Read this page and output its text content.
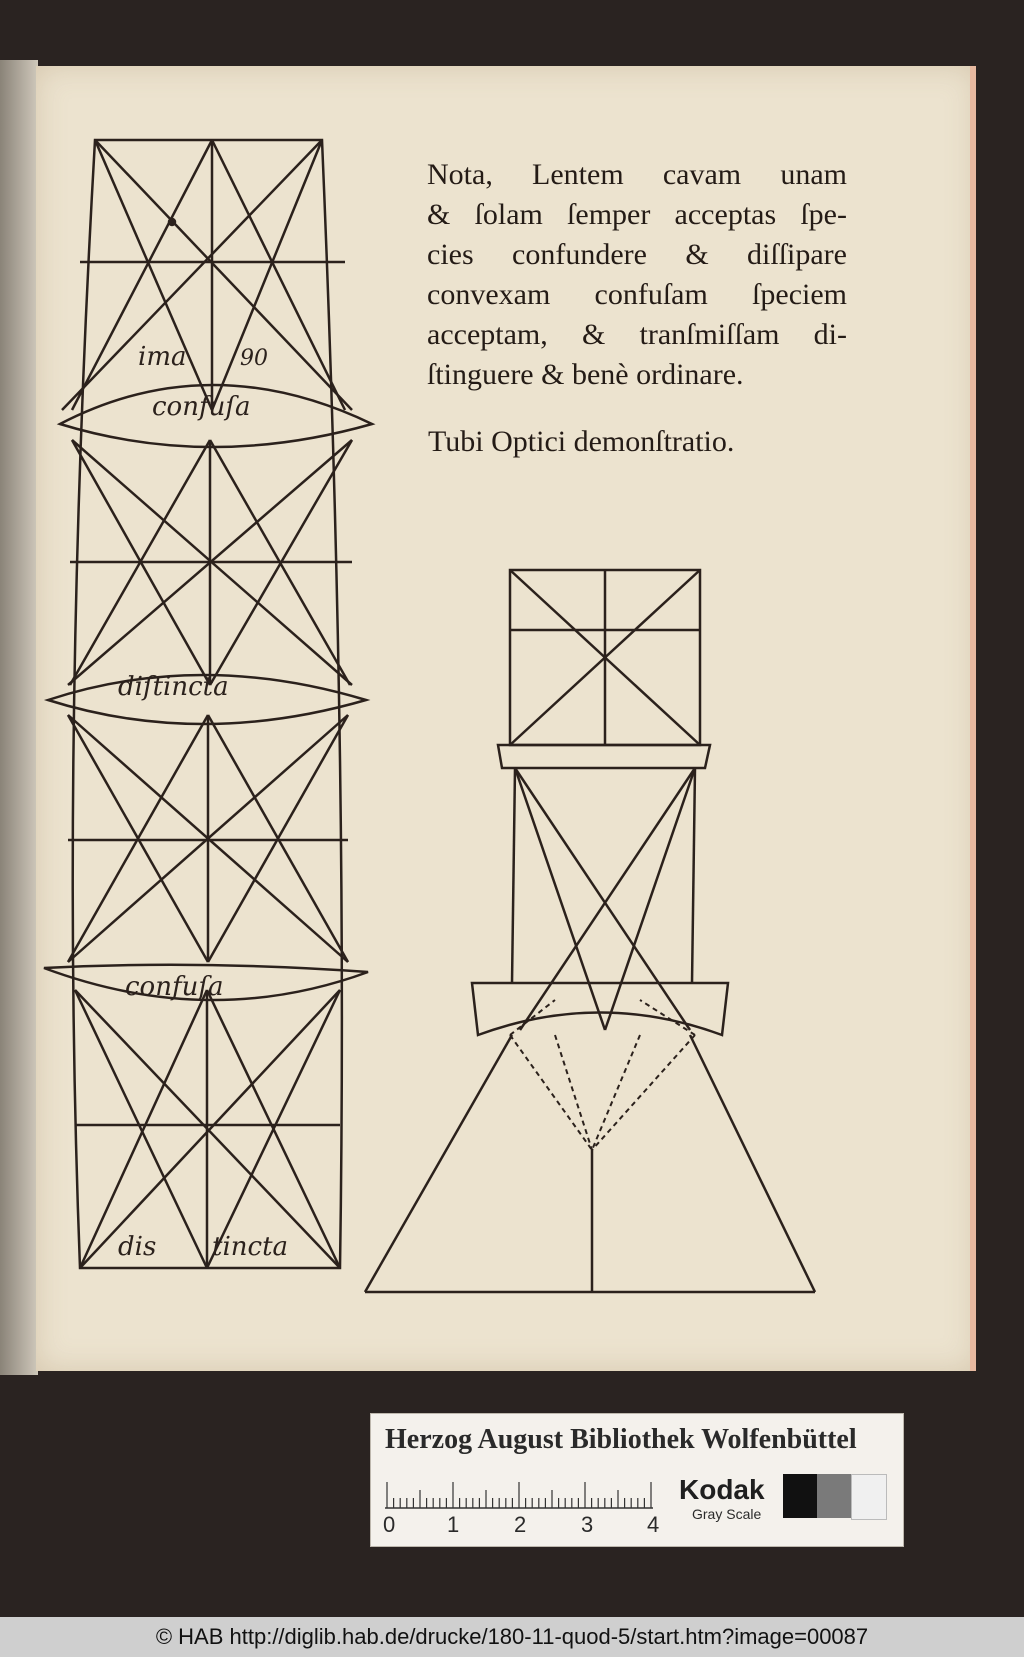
ima 90
confuſa
diſtincta
confuſa
dis tincta
Nota, Lentem cavam unam
& ſolam ſemper acceptas ſpe-
cies confundere & diſſipare
convexam confuſam ſpeciem
acceptam, & tranſmiſſam di-
ſtinguere & benè ordinare.
Tubi Optici demonſtratio.
Herzog August Bibliothek Wolfenbüttel
0 1 2 3 4
Kodak
Gray Scale
© HAB http://diglib.hab.de/drucke/180-11-quod-5/start.htm?image=00087
